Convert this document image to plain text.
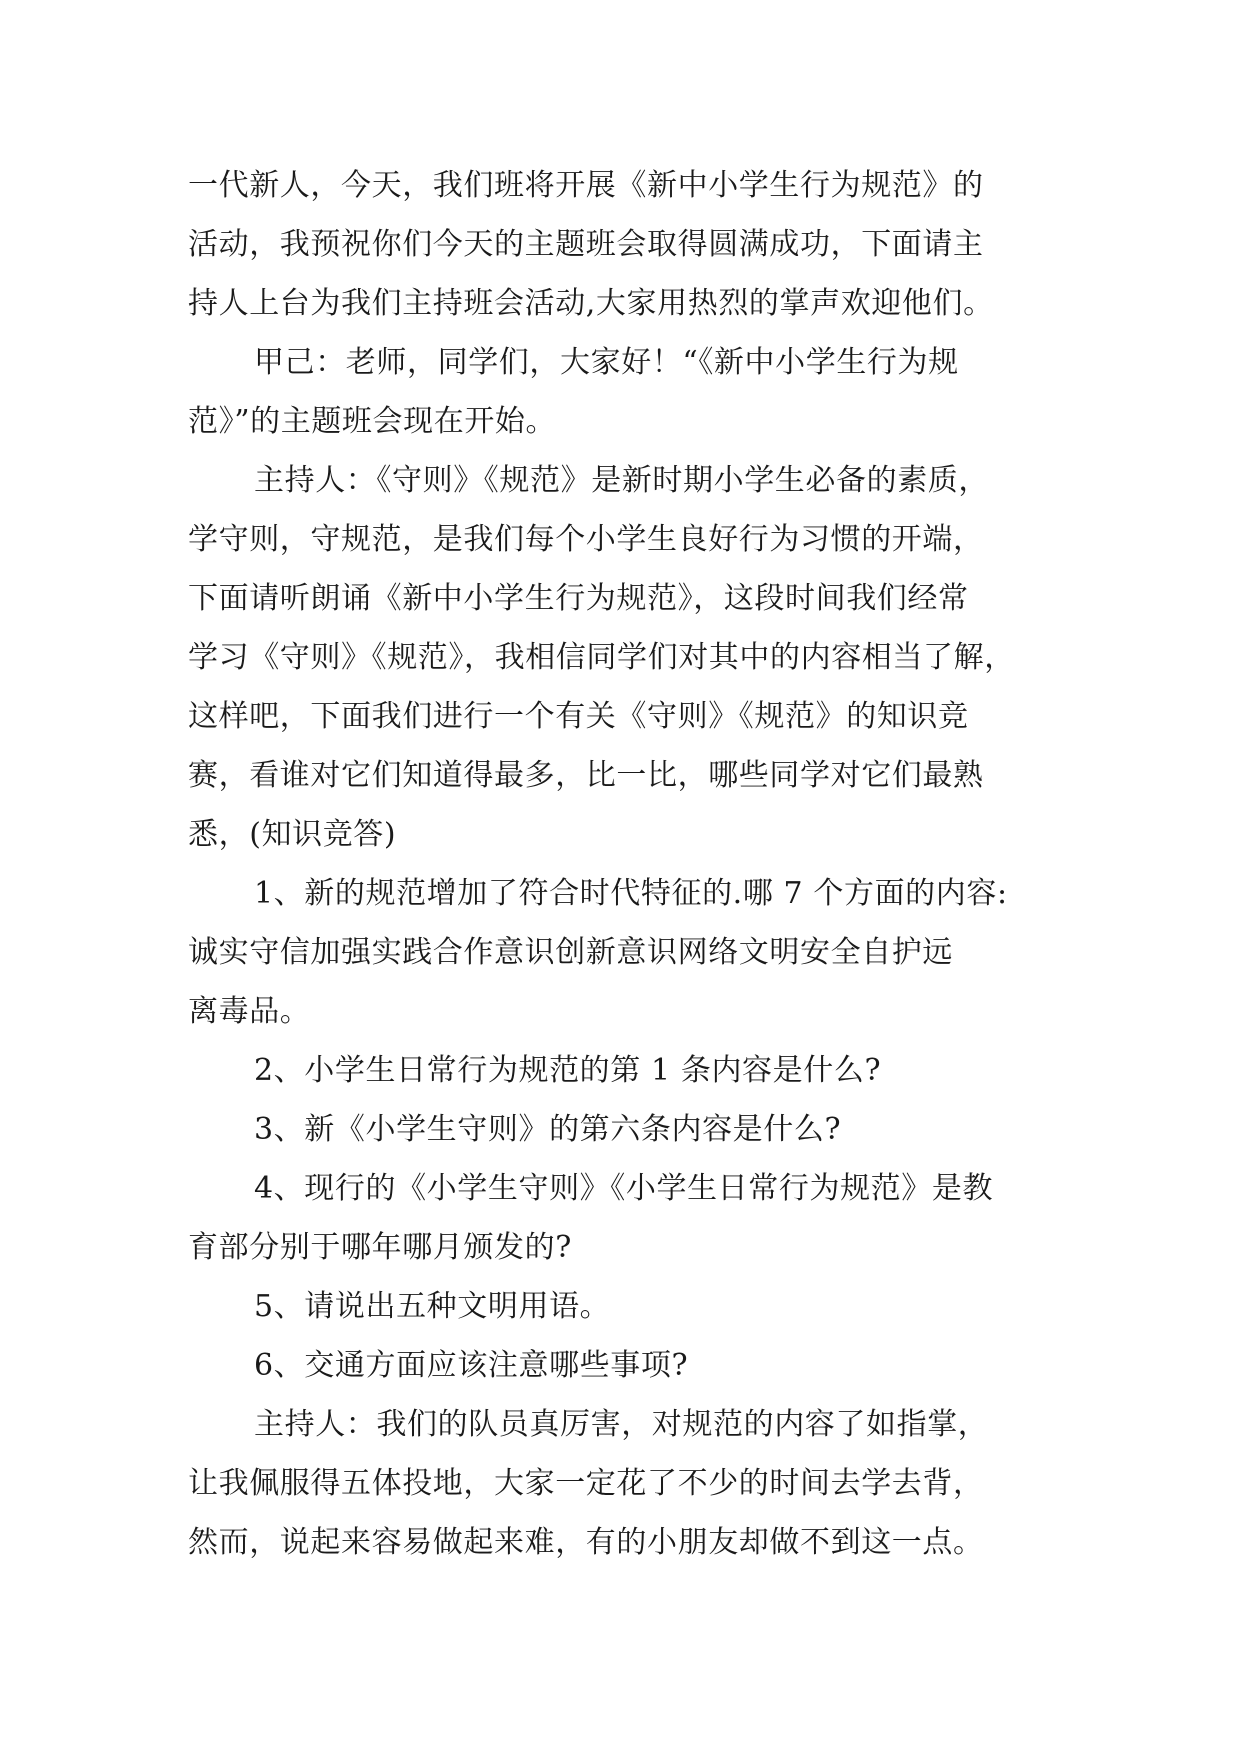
一代新人，今天，我们班将开展《新中小学生行为规范》的
活动，我预祝你们今天的主题班会取得圆满成功，下面请主
持人上台为我们主持班会活动,大家用热烈的掌声欢迎他们。
甲己：老师，同学们，大家好！“《新中小学生行为规
范》”的主题班会现在开始。
主持人：《守则》《规范》是新时期小学生必备的素质，
学守则，守规范，是我们每个小学生良好行为习惯的开端，
下面请听朗诵《新中小学生行为规范》，这段时间我们经常
学习《守则》《规范》，我相信同学们对其中的内容相当了解，
这样吧，下面我们进行一个有关《守则》《规范》的知识竞
赛，看谁对它们知道得最多，比一比，哪些同学对它们最熟
悉，(知识竞答)
1、新的规范增加了符合时代特征的.哪 7 个方面的内容:
诚实守信加强实践合作意识创新意识网络文明安全自护远
离毒品。
2、小学生日常行为规范的第 1 条内容是什么?
3、新《小学生守则》的第六条内容是什么?
4、现行的《小学生守则》《小学生日常行为规范》是教
育部分别于哪年哪月颁发的?
5、请说出五种文明用语。
6、交通方面应该注意哪些事项?
主持人：我们的队员真厉害，对规范的内容了如指掌，
让我佩服得五体投地，大家一定花了不少的时间去学去背，
然而，说起来容易做起来难，有的小朋友却做不到这一点。
